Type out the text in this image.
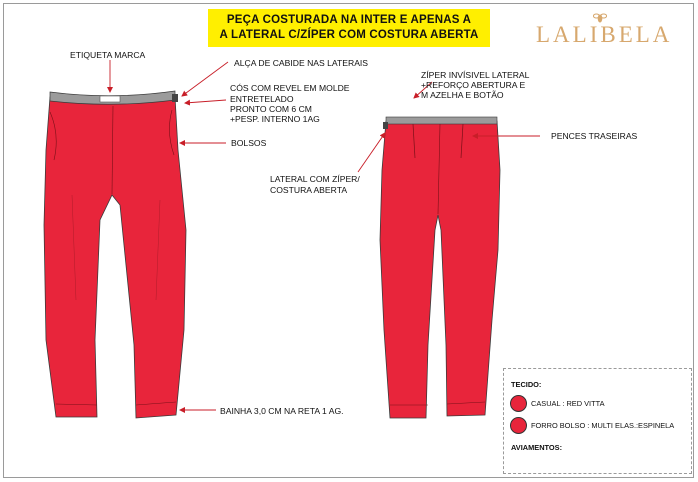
PEÇA COSTURADA NA INTER E APENAS A
A LATERAL C/ZÍPER COM COSTURA ABERTA	LALIBELA
ETIQUETA MARCA
ALÇA DE CABIDE NAS LATERAIS
CÓS COM REVEL EM MOLDE
ENTRETELADO
PRONTO COM 6 CM
+PESP. INTERNO 1AG
BOLSOS
BAINHA 3,0 CM NA RETA 1 AG.
ZÍPER INVÍSIVEL LATERAL
+REFORÇO ABERTURA E
M AZELHA E BOTÃO
PENCES TRASEIRAS
LATERAL COM ZÍPER/
COSTURA ABERTA
TECIDO:
CASUAL : RED VITTA
FORRO BOLSO : MULTI ELAS.:ESPINELA
AVIAMENTOS:
